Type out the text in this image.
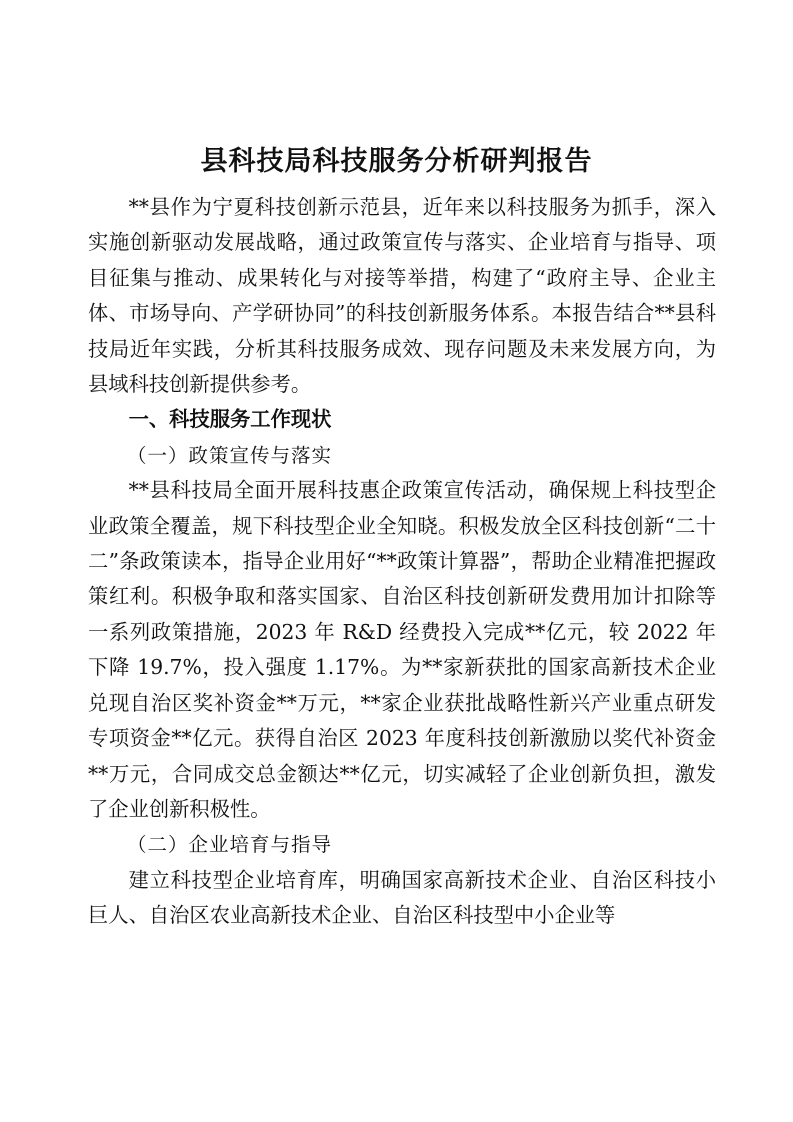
县科技局科技服务分析研判报告

**县作为宁夏科技创新示范县，近年来以科技服务为抓手，深入实施创新驱动发展战略，通过政策宣传与落实、企业培育与指导、项目征集与推动、成果转化与对接等举措，构建了“政府主导、企业主体、市场导向、产学研协同”的科技创新服务体系。本报告结合**县科技局近年实践，分析其科技服务成效、现存问题及未来发展方向，为县域科技创新提供参考。

一、科技服务工作现状

（一）政策宣传与落实

**县科技局全面开展科技惠企政策宣传活动，确保规上科技型企业政策全覆盖，规下科技型企业全知晓。积极发放全区科技创新“二十二”条政策读本，指导企业用好“**政策计算器”，帮助企业精准把握政策红利。积极争取和落实国家、自治区科技创新研发费用加计扣除等一系列政策措施，2023 年 R&D 经费投入完成**亿元，较 2022 年下降 19.7%，投入强度 1.17%。为**家新获批的国家高新技术企业兑现自治区奖补资金**万元，**家企业获批战略性新兴产业重点研发专项资金**亿元。获得自治区 2023 年度科技创新激励以奖代补资金**万元，合同成交总金额达**亿元，切实减轻了企业创新负担，激发了企业创新积极性。

（二）企业培育与指导

建立科技型企业培育库，明确国家高新技术企业、自治区科技小巨人、自治区农业高新技术企业、自治区科技型中小企业等
